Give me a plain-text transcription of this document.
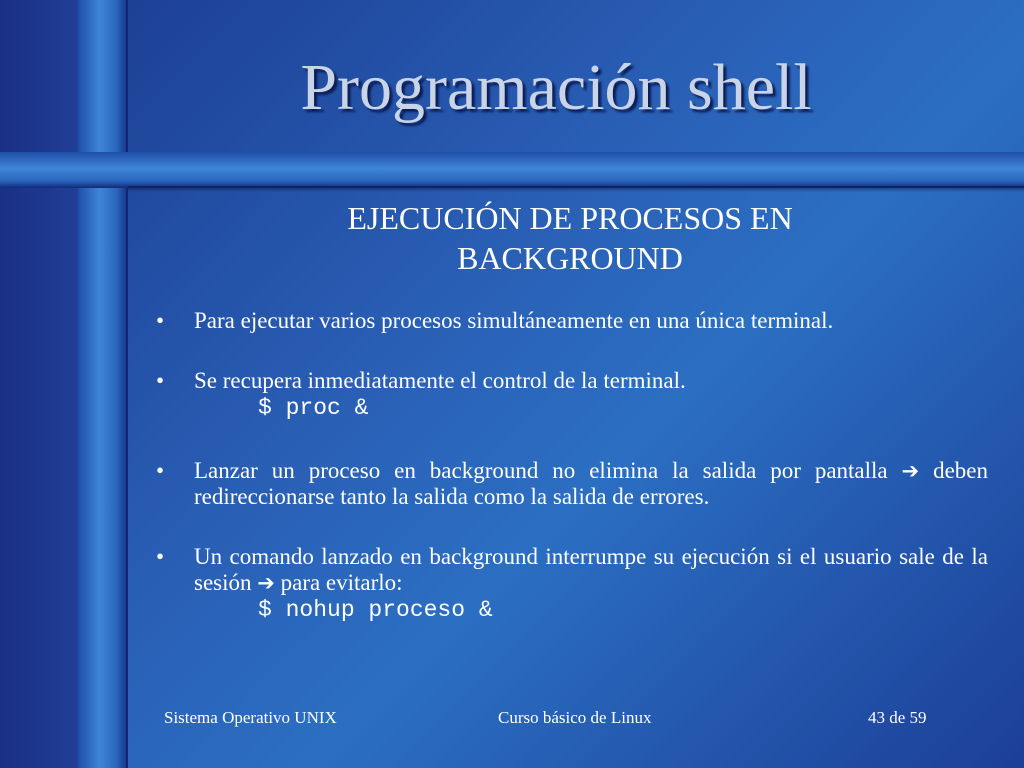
Programación shell
EJECUCIÓN DE PROCESOS EN
BACKGROUND
• Para ejecutar varios procesos simultáneamente en una única terminal.
• Se recupera inmediatamente el control de la terminal.
$ proc &
• Lanzar un proceso en background no elimina la salida por pantalla ➔ deben redireccionarse tanto la salida como la salida de errores.
• Un comando lanzado en background interrumpe su ejecución si el usuario sale de la sesión ➔ para evitarlo:
$ nohup proceso &
Sistema Operativo UNIX	Curso básico de Linux	43 de 59
